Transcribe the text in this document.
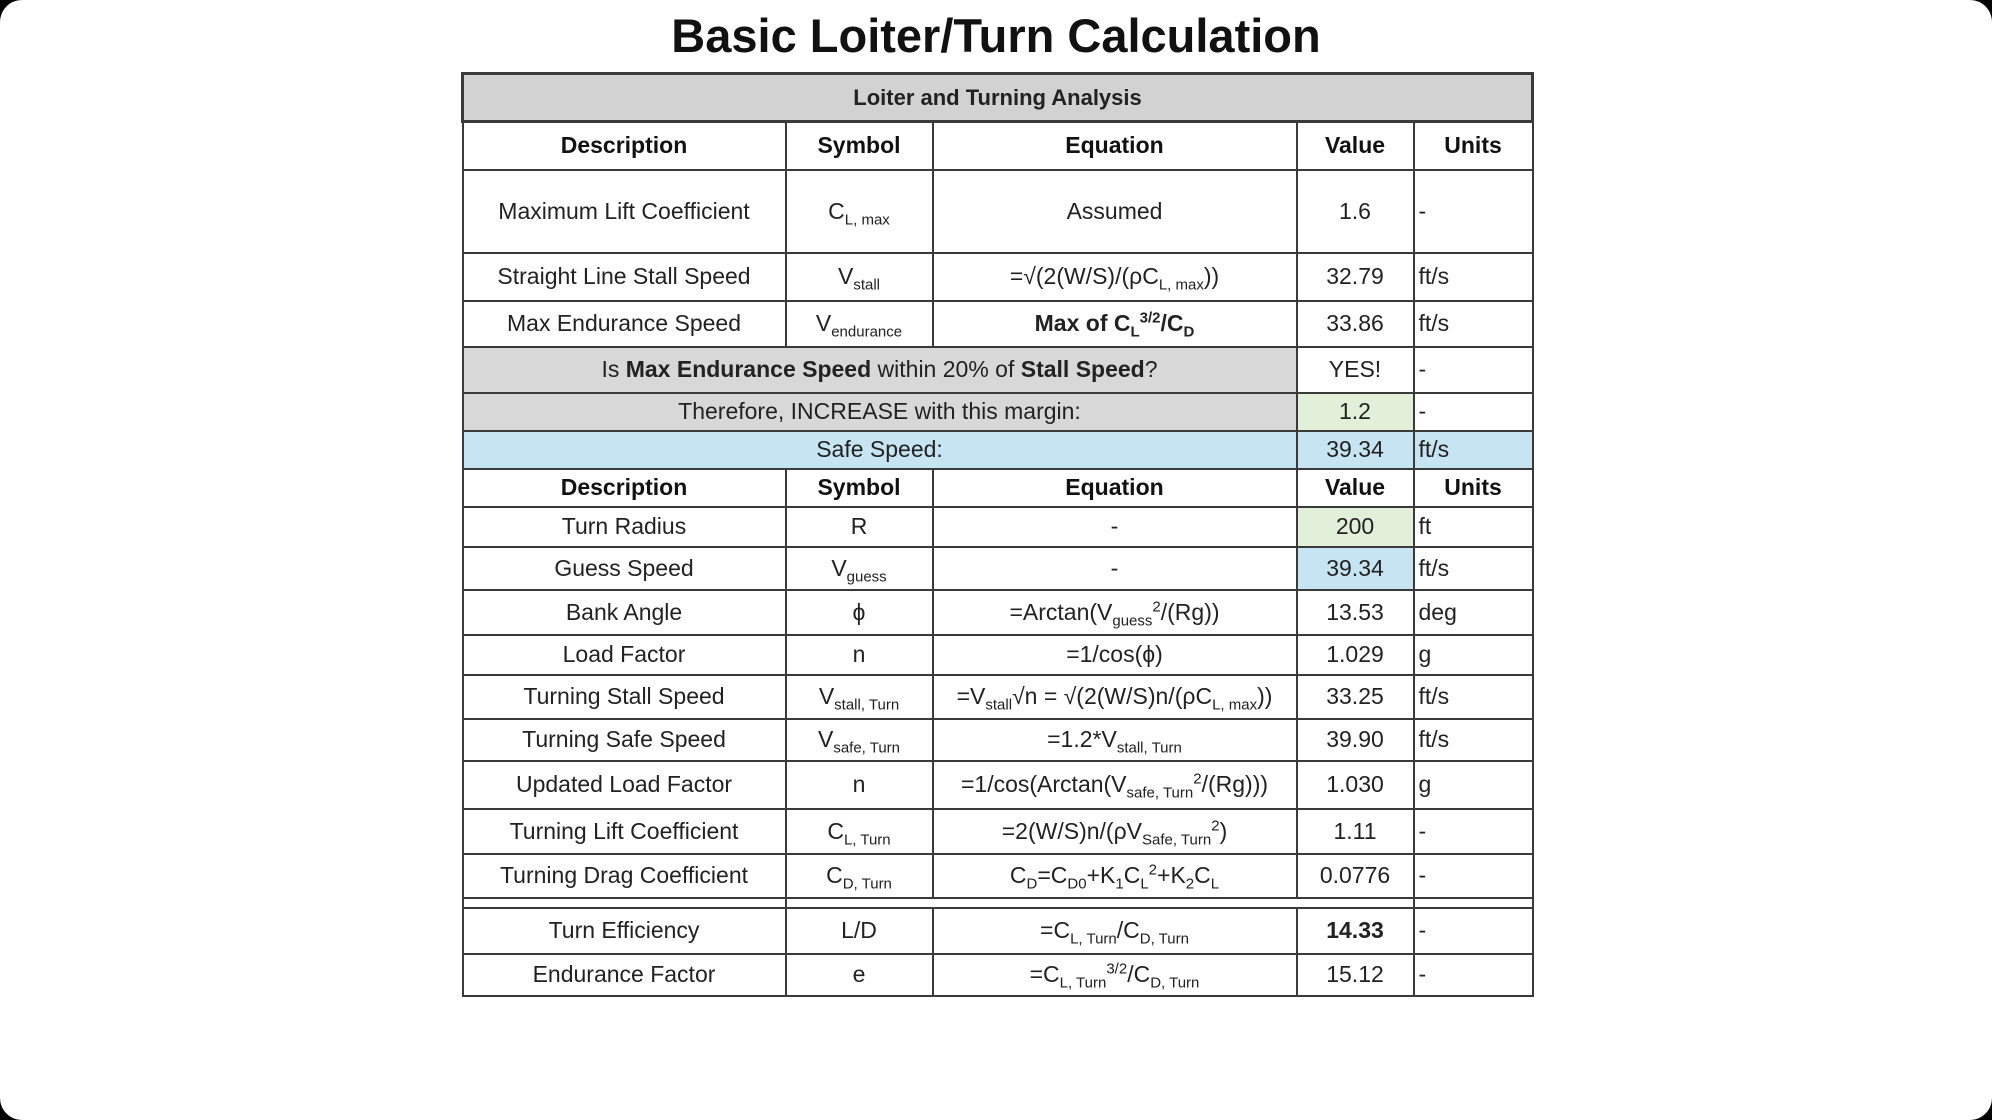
Basic Loiter/Turn Calculation
Loiter and Turning Analysis				
Description	Symbol	Equation	Value	Units
Maximum Lift Coefficient	$C_{L, max}$	Assumed	1.6	-
Straight Line Stall Speed	$V_{stall}$	$=√(2(W/S)/(\rho C_{L, max}))$	32.79	ft/s
Max Endurance Speed	$V_{endurance}$	Max of $C_L^{3/2}/C_D$	33.86	ft/s
Is Max Endurance Speed within 20% of Stall Speed?			YES!	-
Therefore, INCREASE with this margin:			1.2	-
Safe Speed:			39.34	ft/s
Description	Symbol	Equation	Value	Units
Turn Radius	R	-	200	ft
Guess Speed	$V_{guess}$	-	39.34	ft/s
Bank Angle	ϕ	$=Arctan(V_{guess}^2/(Rg))$	13.53	deg
Load Factor	n	=1/cos(ϕ)	1.029	g
Turning Stall Speed	$V_{stall, Turn}$	$=V_{stall}√n = √(2(W/S)n/(\rho C_{L, max}))$	33.25	ft/s
Turning Safe Speed	$V_{safe, Turn}$	$=1.2*V_{stall, Turn}$	39.90	ft/s
Updated Load Factor	n	$=1/\cos(Arctan(V_{safe, Turn}^2/(Rg)))$	1.030	g
Turning Lift Coefficient	$C_{L, Turn}$	$=2(W/S)n/(\rho V_{Safe, Turn}^2)$	1.11	-
Turning Drag Coefficient	$C_{D, Turn}$	$C_D=C_{D0}+K_1C_L^2+K_2C_L$	0.0776	-

Turn Efficiency	L/D	$=C_{L, Turn}/C_{D, Turn}$	14.33	-
Endurance Factor	e	$=C_{L, Turn}^{3/2}/C_{D, Turn}$	15.12	-
